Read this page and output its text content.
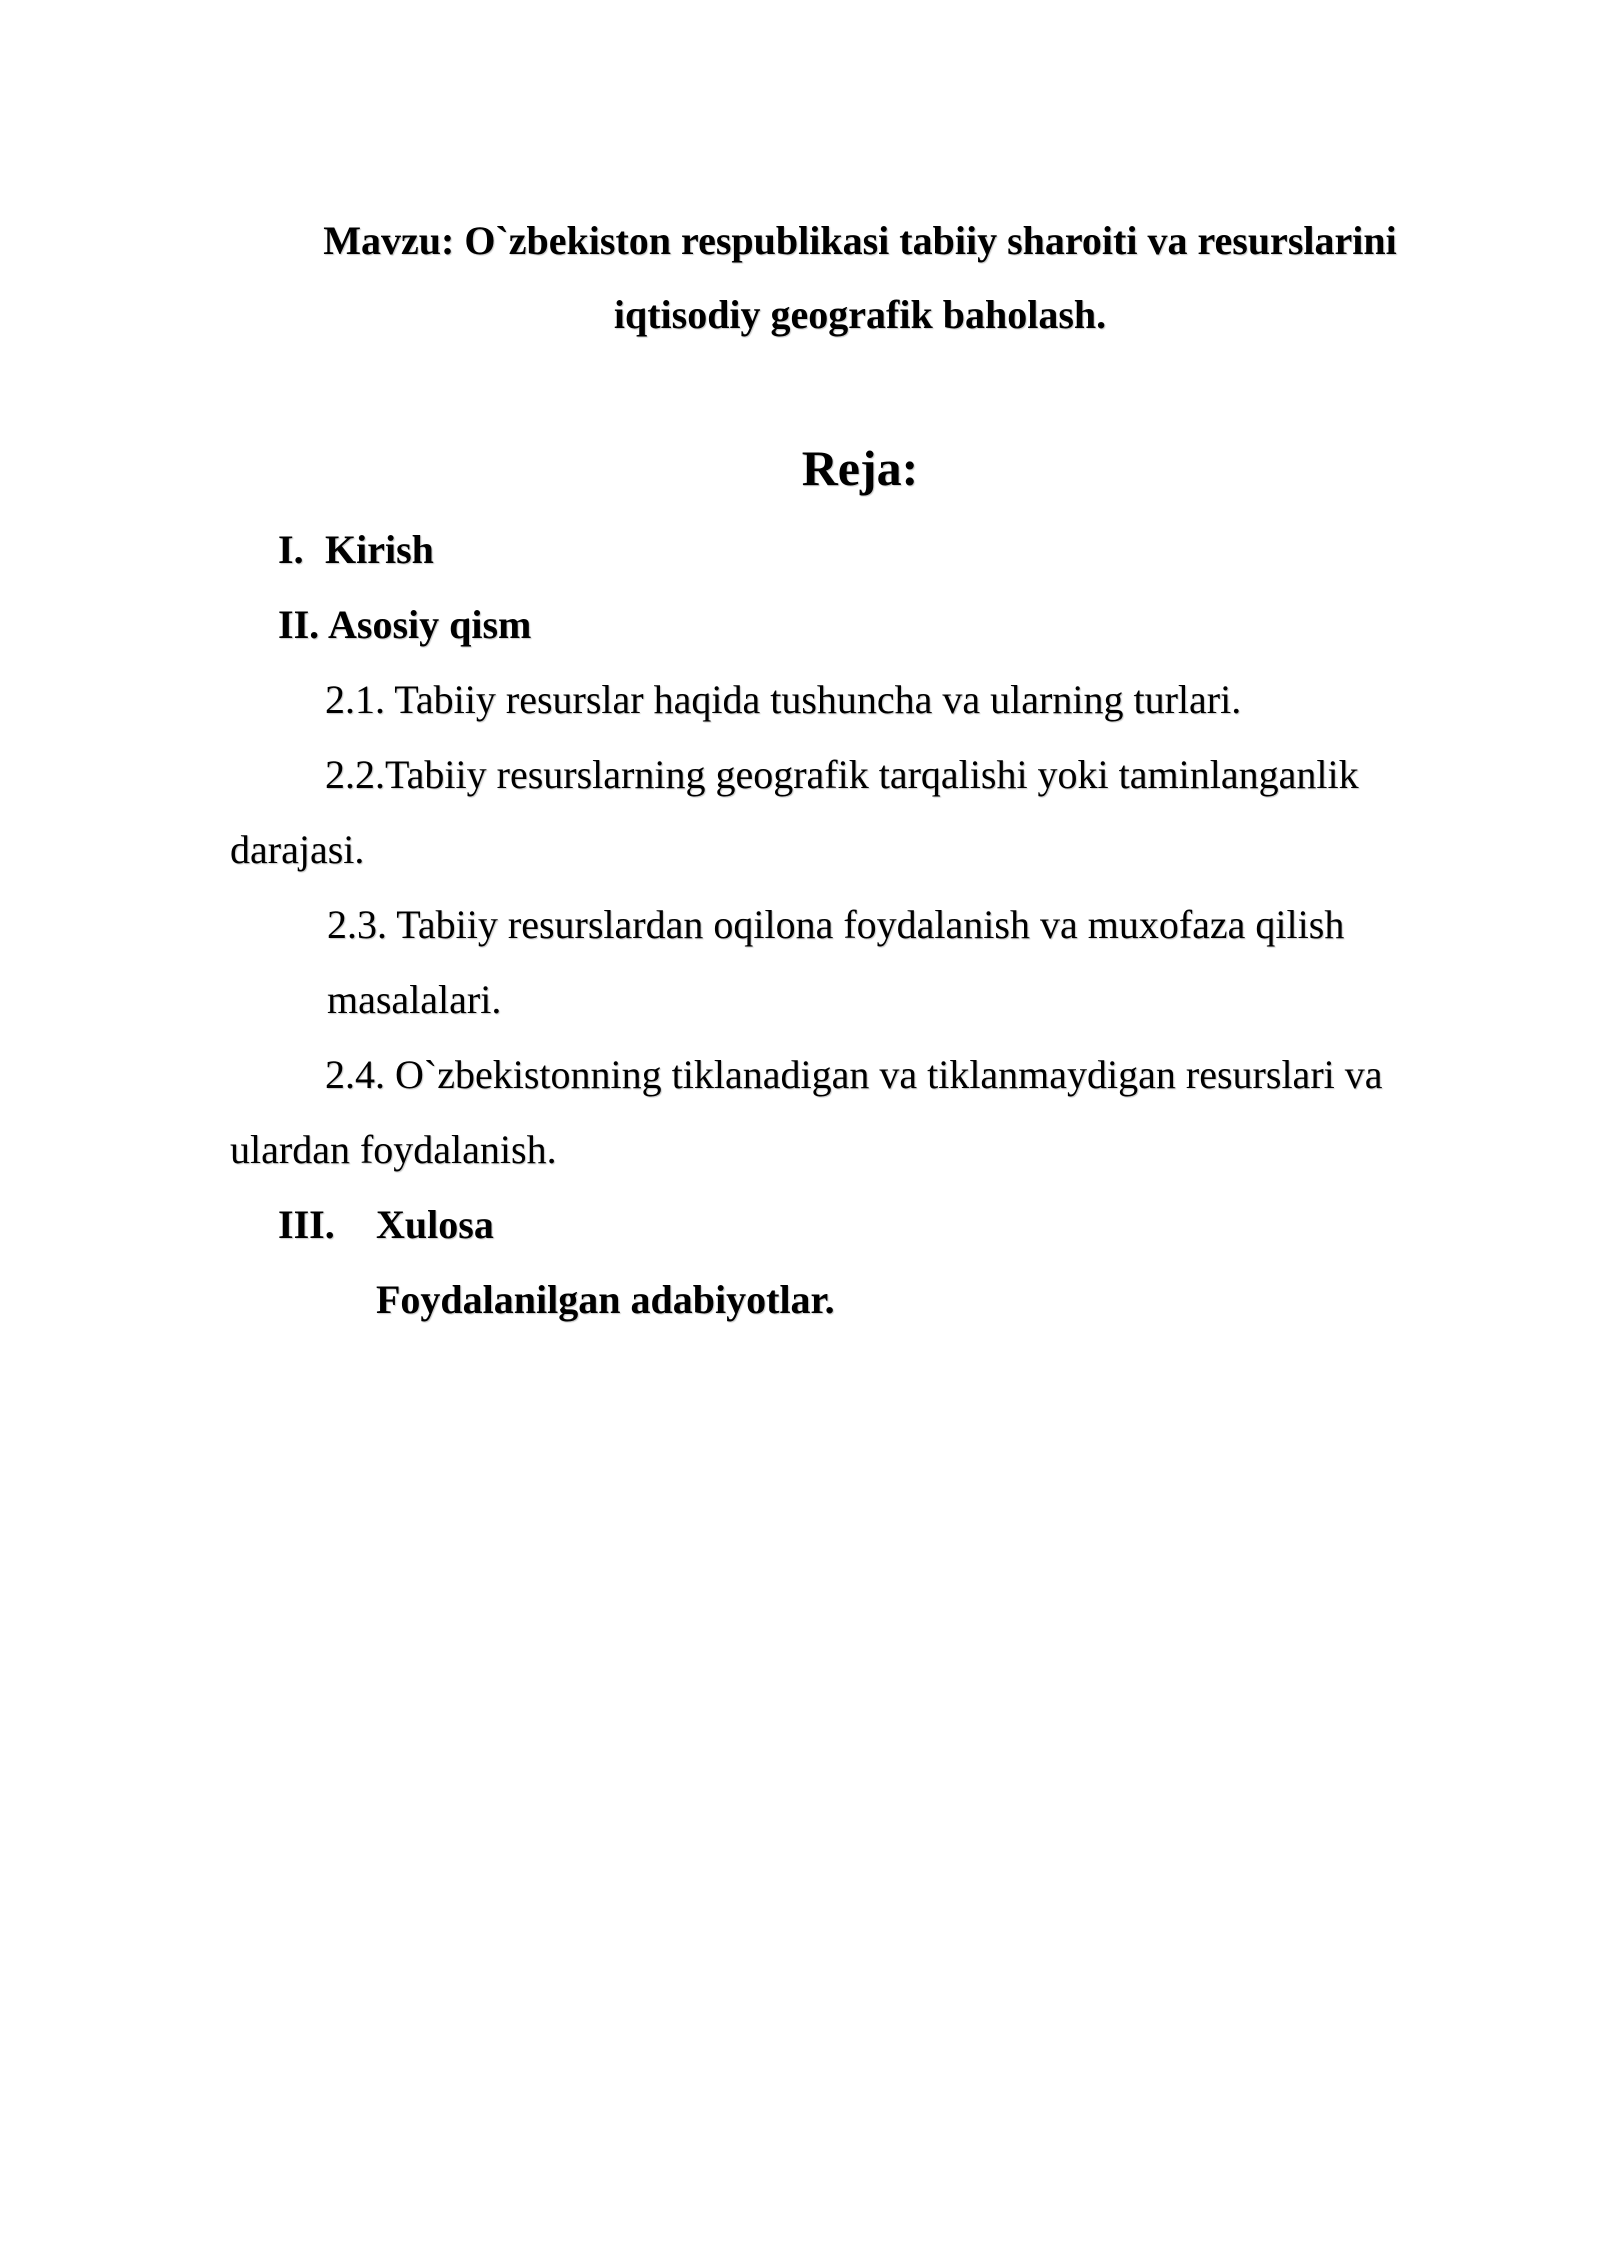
Mavzu: O`zbekiston respublikasi tabiiy sharoiti va resurslarini
iqtisodiy geografik baholash.
Reja:
I. Kirish
II. Asosiy qism
2.1. Tabiiy resurslar haqida tushuncha va ularning turlari.
2.2.Tabiiy resurslarning geografik tarqalishi yoki taminlanganlik
darajasi.
2.3. Tabiiy resurslardan oqilona foydalanish va muxofaza qilish
masalalari.
2.4. O`zbekistonning tiklanadigan va tiklanmaydigan resurslari va
ulardan foydalanish.
III. Xulosa
Foydalanilgan adabiyotlar.
